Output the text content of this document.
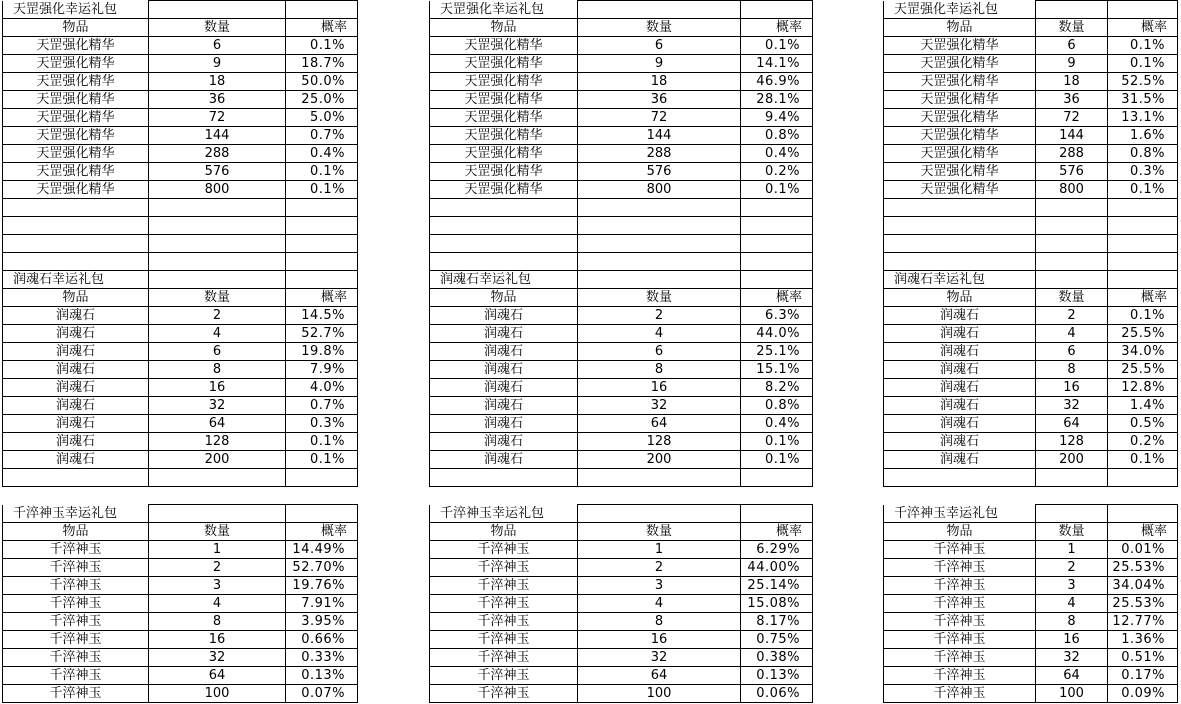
天罡强化幸运礼包		
物品	数量	概率
天罡强化精华	6	0.1%
天罡强化精华	9	18.7%
天罡强化精华	18	50.0%
天罡强化精华	36	25.0%
天罡强化精华	72	5.0%
天罡强化精华	144	0.7%
天罡强化精华	288	0.4%
天罡强化精华	576	0.1%
天罡强化精华	800	0.1%

天罡强化幸运礼包		
物品	数量	概率
天罡强化精华	6	0.1%
天罡强化精华	9	14.1%
天罡强化精华	18	46.9%
天罡强化精华	36	28.1%
天罡强化精华	72	9.4%
天罡强化精华	144	0.8%
天罡强化精华	288	0.4%
天罡强化精华	576	0.2%
天罡强化精华	800	0.1%

天罡强化幸运礼包		
物品	数量	概率
天罡强化精华	6	0.1%
天罡强化精华	9	0.1%
天罡强化精华	18	52.5%
天罡强化精华	36	31.5%
天罡强化精华	72	13.1%
天罡强化精华	144	1.6%
天罡强化精华	288	0.8%
天罡强化精华	576	0.3%
天罡强化精华	800	0.1%

润魂石幸运礼包		
物品	数量	概率
润魂石	2	14.5%
润魂石	4	52.7%
润魂石	6	19.8%
润魂石	8	7.9%
润魂石	16	4.0%
润魂石	32	0.7%
润魂石	64	0.3%
润魂石	128	0.1%
润魂石	200	0.1%

润魂石幸运礼包		
物品	数量	概率
润魂石	2	6.3%
润魂石	4	44.0%
润魂石	6	25.1%
润魂石	8	15.1%
润魂石	16	8.2%
润魂石	32	0.8%
润魂石	64	0.4%
润魂石	128	0.1%
润魂石	200	0.1%

润魂石幸运礼包		
物品	数量	概率
润魂石	2	0.1%
润魂石	4	25.5%
润魂石	6	34.0%
润魂石	8	25.5%
润魂石	16	12.8%
润魂石	32	1.4%
润魂石	64	0.5%
润魂石	128	0.2%
润魂石	200	0.1%

千淬神玉幸运礼包		
物品	数量	概率
千淬神玉	1	14.49%
千淬神玉	2	52.70%
千淬神玉	3	19.76%
千淬神玉	4	7.91%
千淬神玉	8	3.95%
千淬神玉	16	0.66%
千淬神玉	32	0.33%
千淬神玉	64	0.13%
千淬神玉	100	0.07%
千淬神玉幸运礼包		
物品	数量	概率
千淬神玉	1	6.29%
千淬神玉	2	44.00%
千淬神玉	3	25.14%
千淬神玉	4	15.08%
千淬神玉	8	8.17%
千淬神玉	16	0.75%
千淬神玉	32	0.38%
千淬神玉	64	0.13%
千淬神玉	100	0.06%
千淬神玉幸运礼包		
物品	数量	概率
千淬神玉	1	0.01%
千淬神玉	2	25.53%
千淬神玉	3	34.04%
千淬神玉	4	25.53%
千淬神玉	8	12.77%
千淬神玉	16	1.36%
千淬神玉	32	0.51%
千淬神玉	64	0.17%
千淬神玉	100	0.09%
